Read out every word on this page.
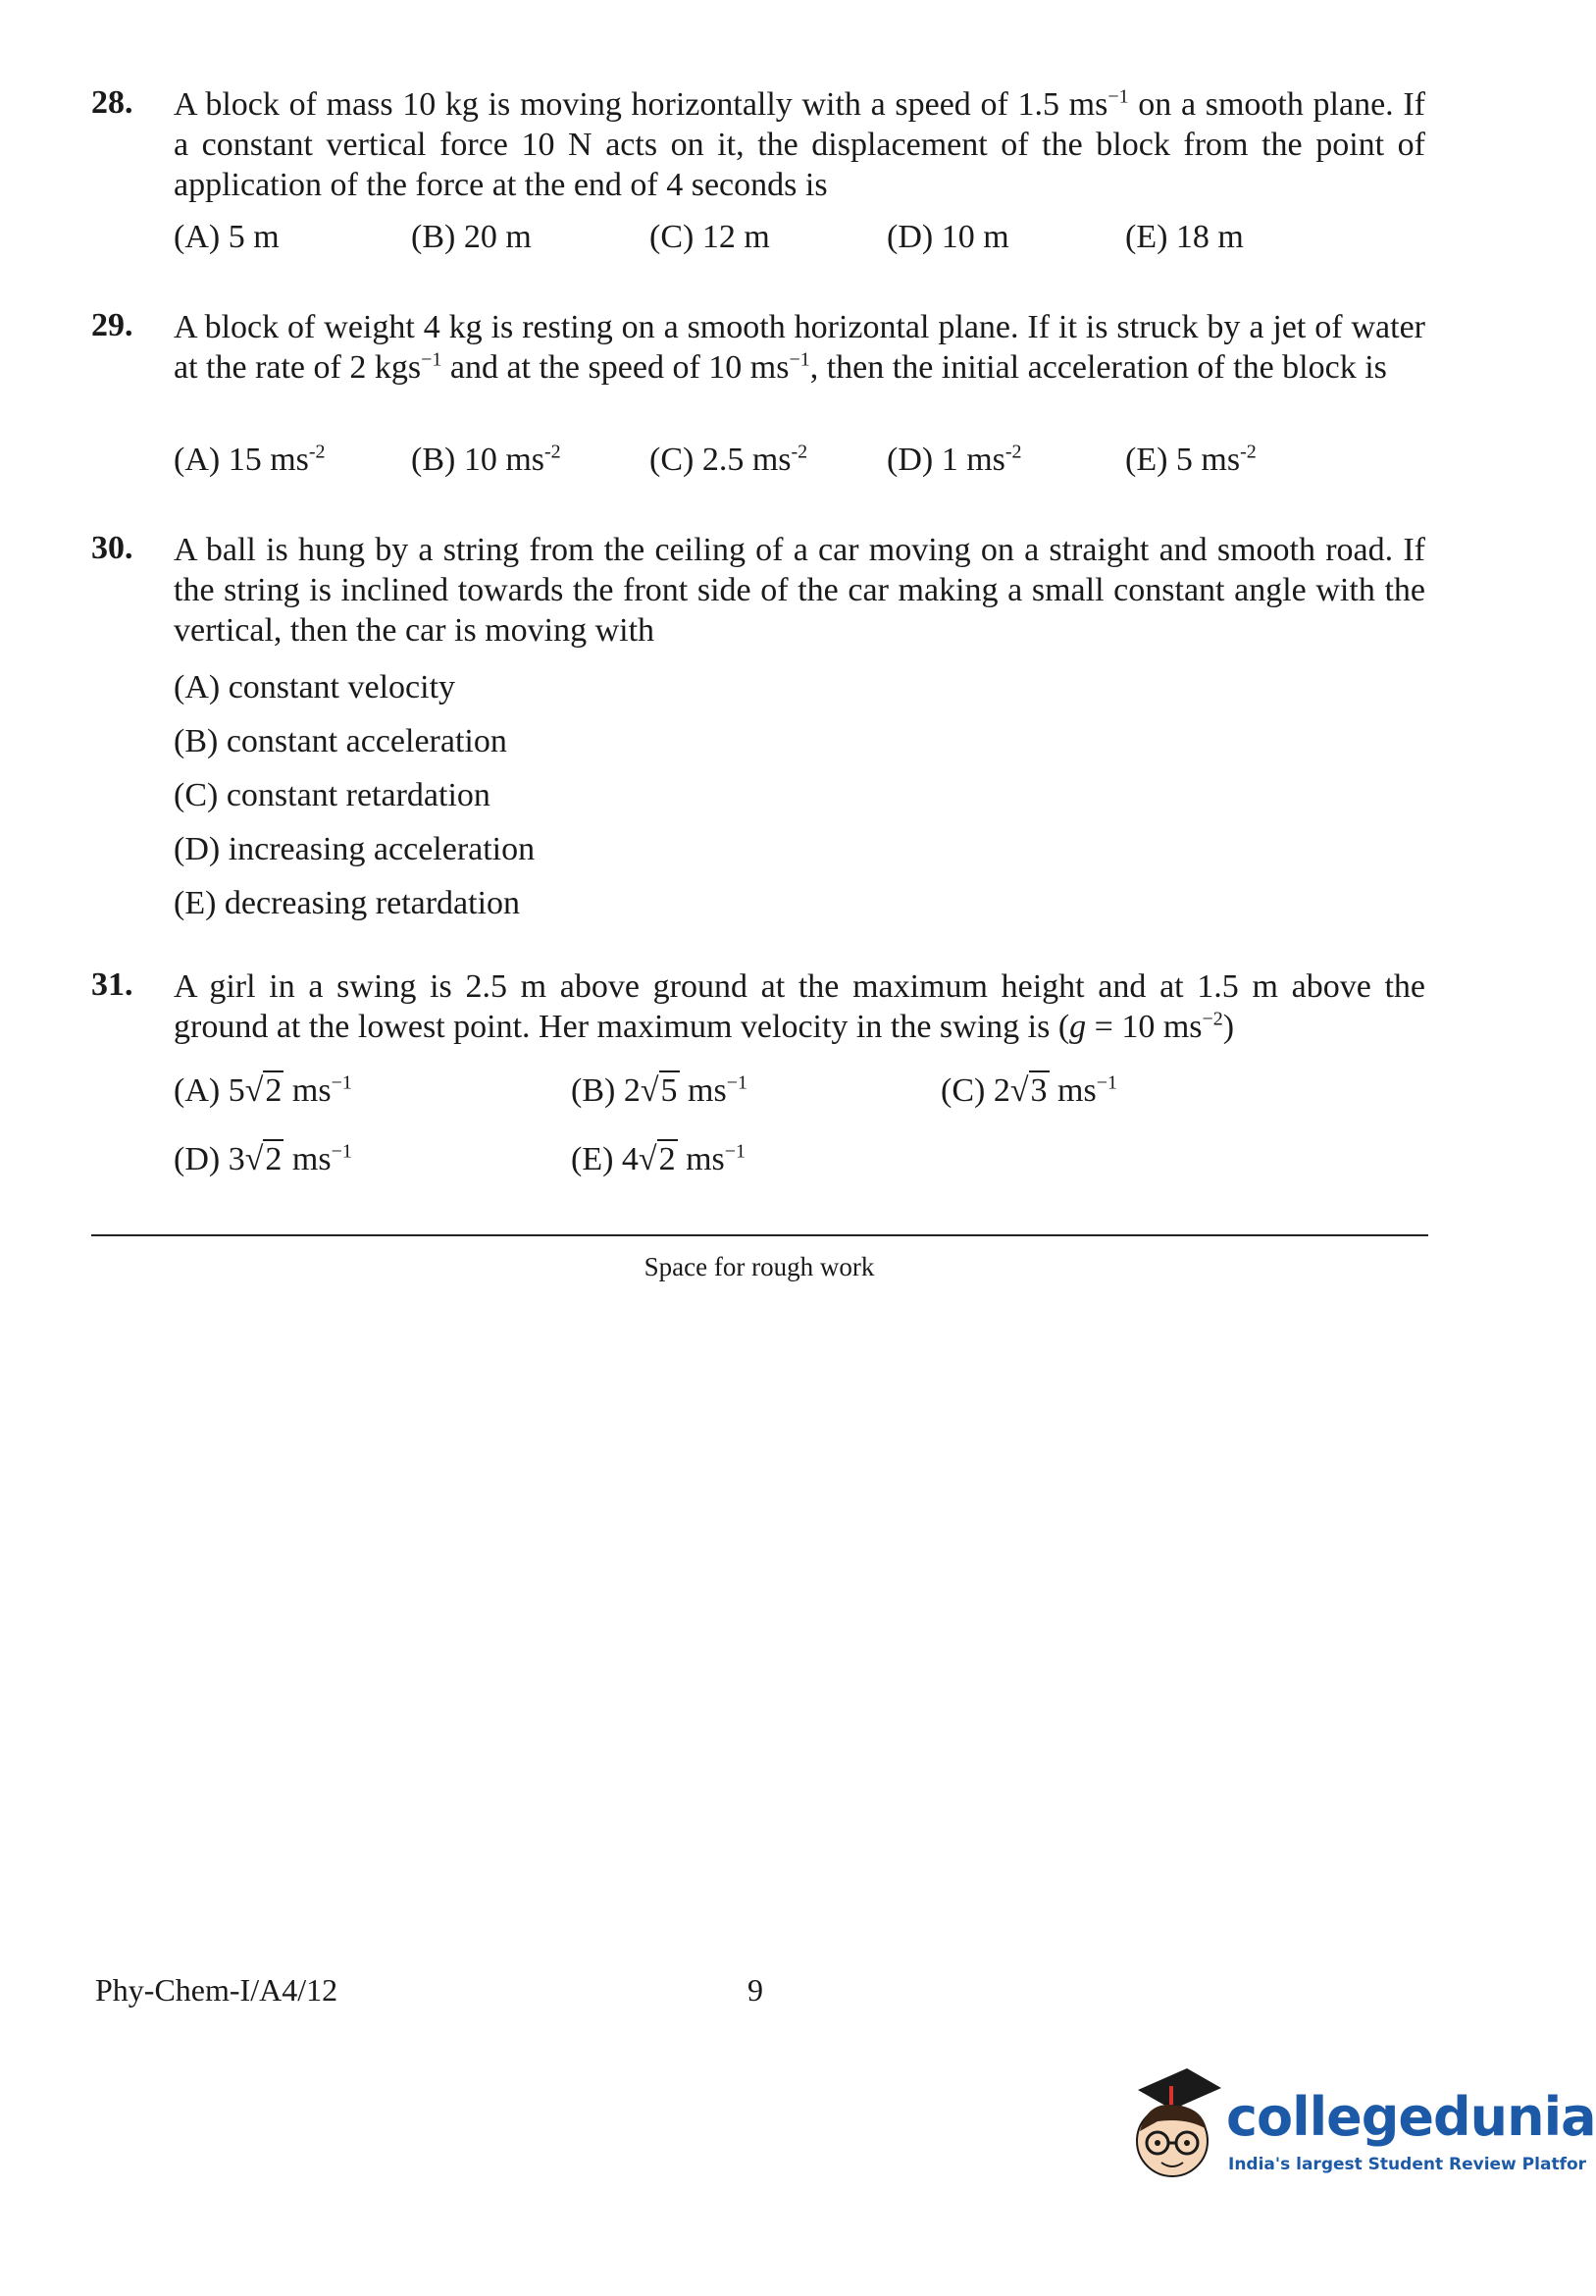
28. A block of mass 10 kg is moving horizontally with a speed of 1.5 $ms^{-1}$ on a smooth plane. If a constant vertical force 10 N acts on it, the displacement of the block from the point of application of the force at the end of 4 seconds is
(A) 5 m	(B) 20 m	(C) 12 m	(D) 10 m	(E) 18 m
29. A block of weight 4 kg is resting on a smooth horizontal plane. If it is struck by a jet of water at the rate of 2 kgs$^{-1}$ and at the speed of 10 $ms^{-1}$, then the initial acceleration of the block is
(A) 15 $ms^{-2}$	(B) 10 $ms^{-2}$	(C) 2.5 $ms^{-2}$ (D) 1 $ms^{-2}$	(E) 5 $ms^{-2}$
30. A ball is hung by a string from the ceiling of a car moving on a straight and smooth road. If the string is inclined towards the front side of the car making a small constant angle with the vertical, then the car is moving with
(A) constant velocity
(B) constant acceleration
(C) constant retardation
(D) increasing acceleration
(E) decreasing retardation
31. A girl in a swing is 2.5 m above ground at the maximum height and at 1.5 m above the ground at the lowest point. Her maximum velocity in the swing is (g = 10 $ms^{-2}$)
(A) 5√2 $ms^{-1}$	(B) 2√5 $ms^{-1}$	(C) 2√3 $ms^{-1}$
(D) 3√2 $ms^{-1}$	(E) 4√2 $ms^{-1}$
Space for rough work
Phy-Chem-I/A4/12	9
collegedunia
India's largest Student Review Platfor
